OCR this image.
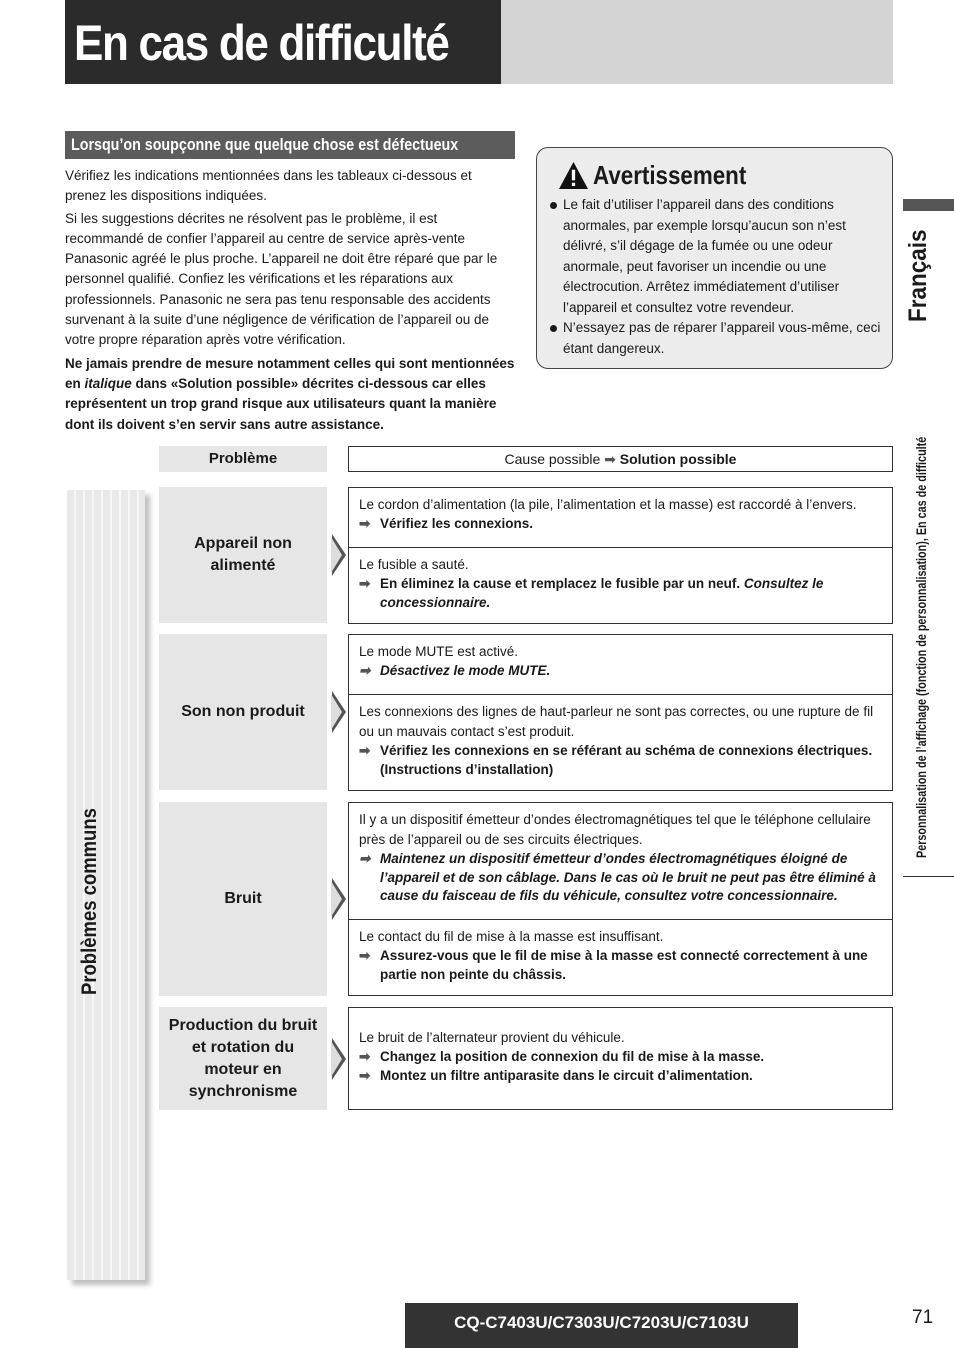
En cas de difficulté
Lorsqu’on soupçonne que quelque chose est défectueux

Vérifiez les indications mentionnées dans les tableaux ci-dessous et prenez les dispositions indiquées.

Si les suggestions décrites ne résolvent pas le problème, il est recommandé de confier l’appareil au centre de service après-vente Panasonic agréé le plus proche. L’appareil ne doit être réparé que par le personnel qualifié. Confiez les vérifications et les réparations aux professionnels. Panasonic ne sera pas tenu responsable des accidents survenant à la suite d’une négligence de vérification de l’appareil ou de votre propre réparation après votre vérification.

Ne jamais prendre de mesure notamment celles qui sont mentionnées en italique dans «Solution possible» décrites ci-dessous car elles représentent un trop grand risque aux utilisateurs quant la manière dont ils doivent s’en servir sans autre assistance.

Avertissement
Le fait d’utiliser l’appareil dans des conditions anormales, par exemple lorsqu’aucun son n’est délivré, s’il dégage de la fumée ou une odeur anormale, peut favoriser un incendie ou une électrocution. Arrêtez immédiatement d’utiliser l’appareil et consultez votre revendeur.
N’essayez pas de réparer l’appareil vous-même, ceci étant dangereux.
Français
Personnalisation de l’affichage (fonction de personnalisation), En cas de difficulté
Problème	Cause possible ➡ Solution possible
Problèmes communs
Appareil non alimenté
Le cordon d’alimentation (la pile, l’alimentation et la masse) est raccordé à l’envers.
➡ Vérifiez les connexions.
Le fusible a sauté.
➡ En éliminez la cause et remplacez le fusible par un neuf. Consultez le concessionnaire.
Son non produit
Le mode MUTE est activé.
➡ Désactivez le mode MUTE.
Les connexions des lignes de haut-parleur ne sont pas correctes, ou une rupture de fil ou un mauvais contact s’est produit.
➡ Vérifiez les connexions en se référant au schéma de connexions électriques. (Instructions d’installation)
Bruit
Il y a un dispositif émetteur d’ondes électromagnétiques tel que le téléphone cellulaire près de l’appareil ou de ses circuits électriques.
➡ Maintenez un dispositif émetteur d’ondes électromagnétiques éloigné de l’appareil et de son câblage. Dans le cas où le bruit ne peut pas être éliminé à cause du faisceau de fils du véhicule, consultez votre concessionnaire.
Le contact du fil de mise à la masse est insuffisant.
➡ Assurez-vous que le fil de mise à la masse est connecté correctement à une partie non peinte du châssis.
Production du bruit et rotation du moteur en synchronisme
Le bruit de l’alternateur provient du véhicule.
➡ Changez la position de connexion du fil de mise à la masse.
➡ Montez un filtre antiparasite dans le circuit d’alimentation.
CQ-C7403U/C7303U/C7203U/C7103U	71
